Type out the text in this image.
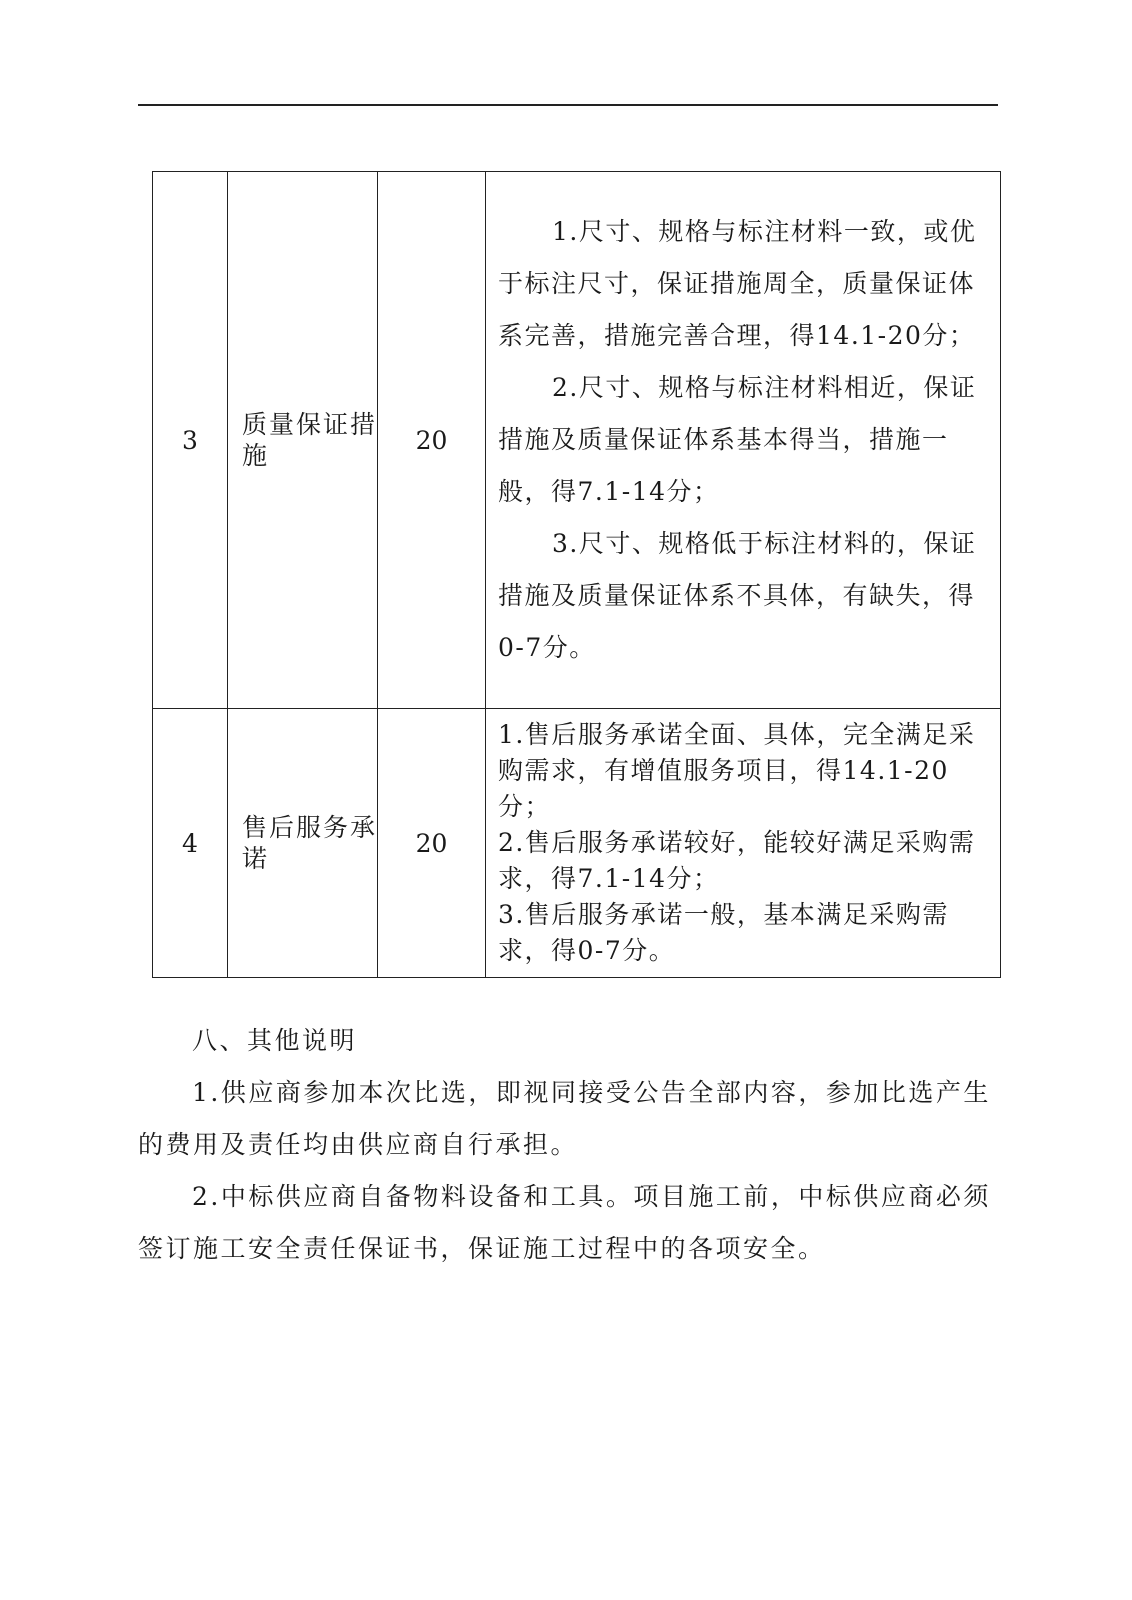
3	质量保证措施	20	1.尺寸、规格与标注材料一致，或优于标注尺寸，保证措施周全，质量保证体系完善，措施完善合理，得14.1-20分；

2.尺寸、规格与标注材料相近，保证措施及质量保证体系基本得当，措施一般，得7.1-14分；

3.尺寸、规格低于标注材料的，保证措施及质量保证体系不具体，有缺失，得0-7分。

4	售后服务承诺	20	1.售后服务承诺全面、具体，完全满足采购需求，有增值服务项目，得14.1-20分；

2.售后服务承诺较好，能较好满足采购需求，得7.1-14分；

3.售后服务承诺一般，基本满足采购需求，得0-7分。

八、其他说明

1.供应商参加本次比选，即视同接受公告全部内容，参加比选产生的费用及责任均由供应商自行承担。

2.中标供应商自备物料设备和工具。项目施工前，中标供应商必须签订施工安全责任保证书，保证施工过程中的各项安全。
